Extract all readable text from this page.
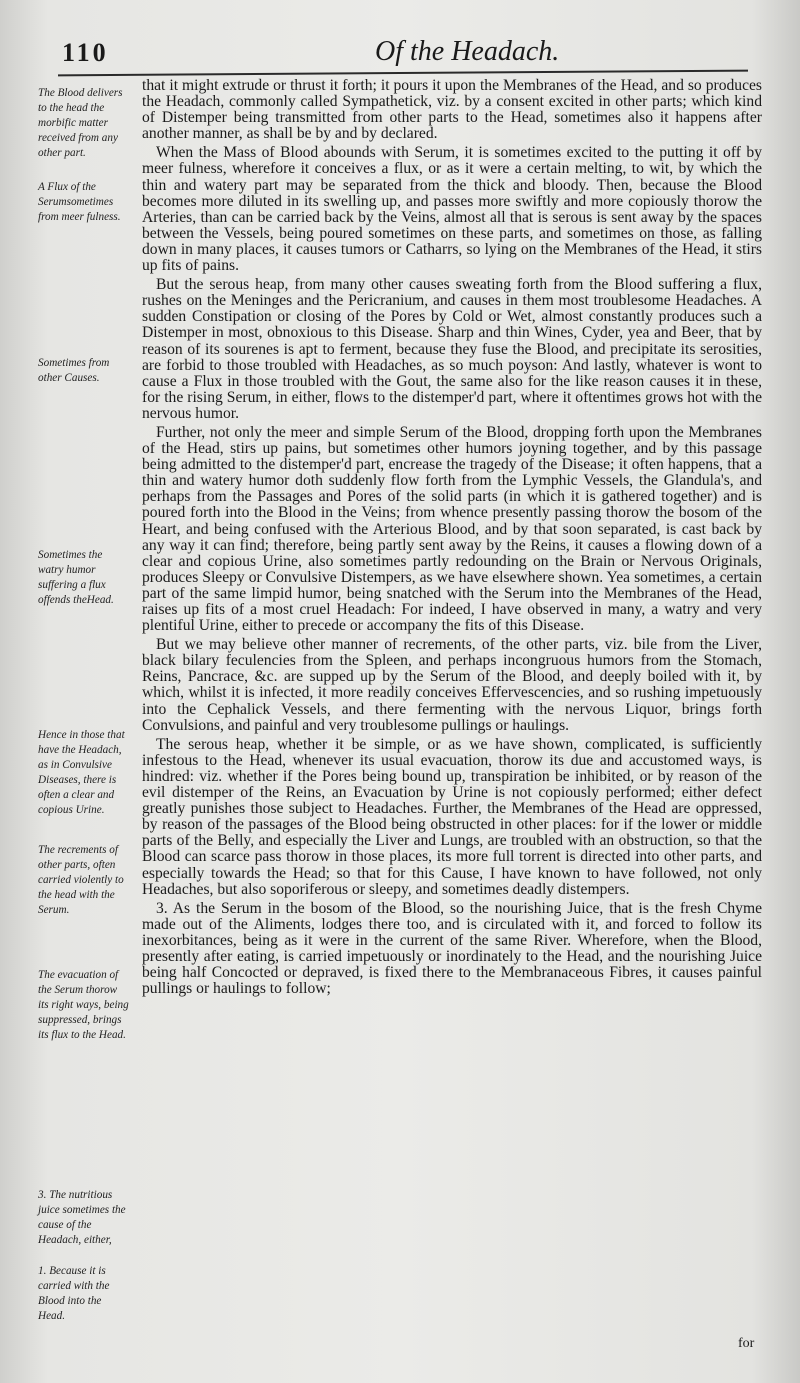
110	Of the Headach.
The Blood delivers to the head the morbific matter received from any other part.
A Flux of the Serumsometimes from meer fulness.
Sometimes from other Causes.
Sometimes the watry humor suffering a flux offends theHead.
Hence in those that have the Headach, as in Convulsive Diseases, there is often a clear and copious Urine.
The recrements of other parts, often carried violently to the head with the Serum.
The evacuation of the Serum thorow its right ways, being suppressed, brings its flux to the Head.
3. The nutritious juice sometimes the cause of the Headach, either,
1. Because it is carried with the Blood into the Head.

that it might extrude or thrust it forth; it pours it upon the Membranes of the Head, and so produces the Headach, commonly called Sympathetick, viz. by a consent excited in other parts; which kind of Distemper being transmitted from other parts to the Head, sometimes also it happens after another manner, as shall be by and by declared.

When the Mass of Blood abounds with Serum, it is sometimes excited to the putting it off by meer fulness, wherefore it conceives a flux, or as it were a certain melting, to wit, by which the thin and watery part may be separated from the thick and bloody. Then, because the Blood becomes more diluted in its swelling up, and passes more swiftly and more copiously thorow the Arteries, than can be carried back by the Veins, almost all that is serous is sent away by the spaces between the Vessels, being poured sometimes on these parts, and sometimes on those, as falling down in many places, it causes tumors or Catharrs, so lying on the Membranes of the Head, it stirs up fits of pains.

But the serous heap, from many other causes sweating forth from the Blood suffering a flux, rushes on the Meninges and the Pericranium, and causes in them most troublesome Headaches. A sudden Constipation or closing of the Pores by Cold or Wet, almost constantly produces such a Distemper in most, obnoxious to this Disease. Sharp and thin Wines, Cyder, yea and Beer, that by reason of its sourenes is apt to ferment, because they fuse the Blood, and precipitate its serosities, are forbid to those troubled with Headaches, as so much poyson: And lastly, whatever is wont to cause a Flux in those troubled with the Gout, the same also for the like reason causes it in these, for the rising Serum, in either, flows to the distemper'd part, where it oftentimes grows hot with the nervous humor.

Further, not only the meer and simple Serum of the Blood, dropping forth upon the Membranes of the Head, stirs up pains, but sometimes other humors joyning together, and by this passage being admitted to the distemper'd part, encrease the tragedy of the Disease; it often happens, that a thin and watery humor doth suddenly flow forth from the Lymphic Vessels, the Glandula's, and perhaps from the Passages and Pores of the solid parts (in which it is gathered together) and is poured forth into the Blood in the Veins; from whence presently passing thorow the bosom of the Heart, and being confused with the Arterious Blood, and by that soon separated, is cast back by any way it can find; therefore, being partly sent away by the Reins, it causes a flowing down of a clear and copious Urine, also sometimes partly redounding on the Brain or Nervous Originals, produces Sleepy or Convulsive Distempers, as we have elsewhere shown. Yea sometimes, a certain part of the same limpid humor, being snatched with the Serum into the Membranes of the Head, raises up fits of a most cruel Headach: For indeed, I have observed in many, a watry and very plentiful Urine, either to precede or accompany the fits of this Disease.

But we may believe other manner of recrements, of the other parts, viz. bile from the Liver, black bilary feculencies from the Spleen, and perhaps incongruous humors from the Stomach, Reins, Pancrace, &c. are supped up by the Serum of the Blood, and deeply boiled with it, by which, whilst it is infected, it more readily conceives Effervescencies, and so rushing impetuously into the Cephalick Vessels, and there fermenting with the nervous Liquor, brings forth Convulsions, and painful and very troublesome pullings or haulings.

The serous heap, whether it be simple, or as we have shown, complicated, is sufficiently infestous to the Head, whenever its usual evacuation, thorow its due and accustomed ways, is hindred: viz. whether if the Pores being bound up, transpiration be inhibited, or by reason of the evil distemper of the Reins, an Evacuation by Urine is not copiously performed; either defect greatly punishes those subject to Headaches. Further, the Membranes of the Head are oppressed, by reason of the passages of the Blood being obstructed in other places: for if the lower or middle parts of the Belly, and especially the Liver and Lungs, are troubled with an obstruction, so that the Blood can scarce pass thorow in those places, its more full torrent is directed into other parts, and especially towards the Head; so that for this Cause, I have known to have followed, not only Headaches, but also soporiferous or sleepy, and sometimes deadly distempers.

3. As the Serum in the bosom of the Blood, so the nourishing Juice, that is the fresh Chyme made out of the Aliments, lodges there too, and is circulated with it, and forced to follow its inexorbitances, being as it were in the current of the same River. Wherefore, when the Blood, presently after eating, is carried impetuously or inordinately to the Head, and the nourishing Juice being half Concocted or depraved, is fixed there to the Membranaceous Fibres, it causes painful pullings or haulings to follow;

for
